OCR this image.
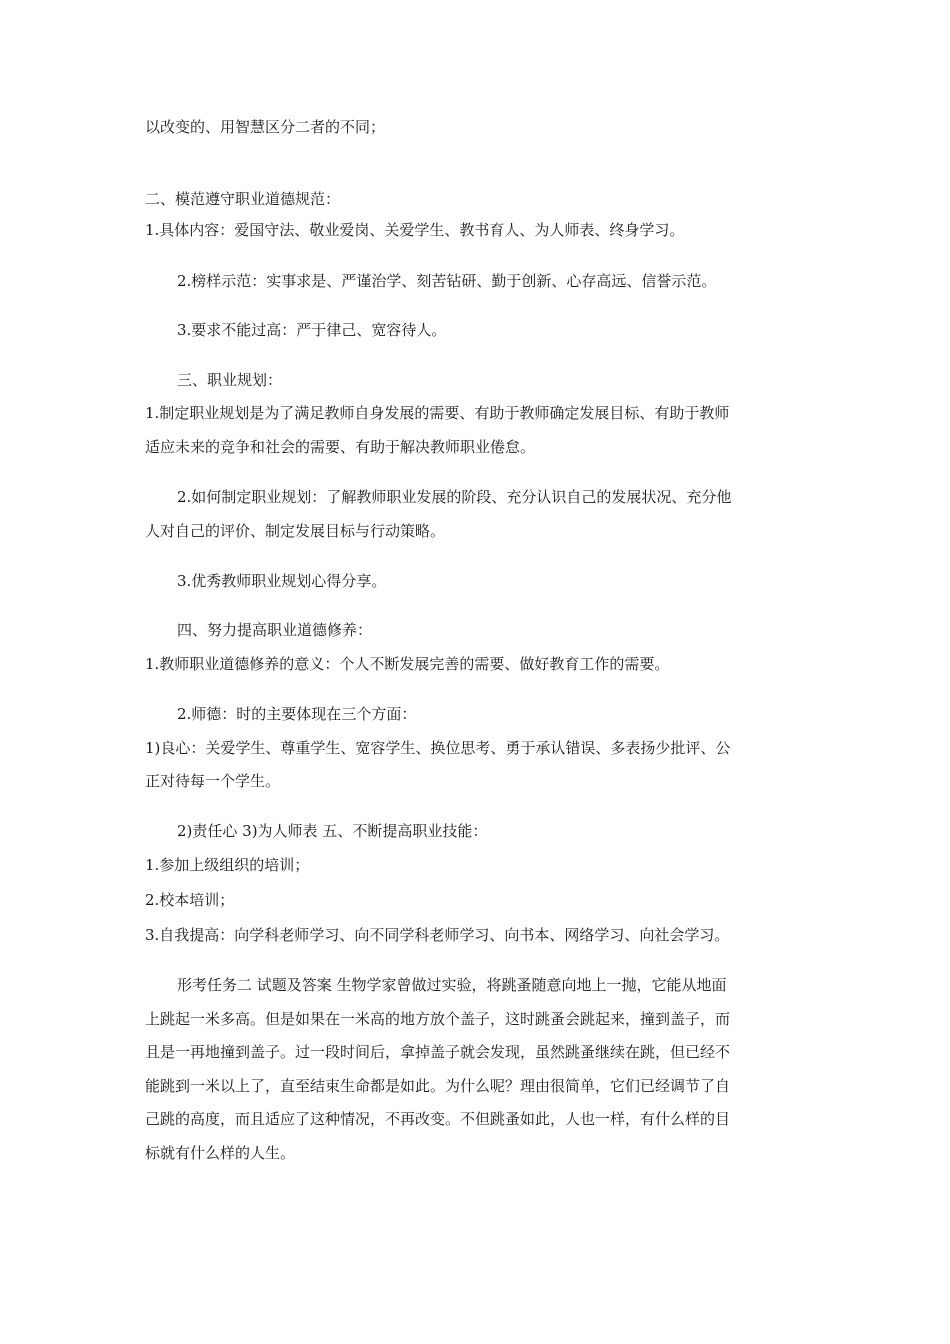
以改变的、用智慧区分二者的不同；

二、模范遵守职业道德规范：

1.具体内容：爱国守法、敬业爱岗、关爱学生、教书育人、为人师表、终身学习。

2.榜样示范：实事求是、严谨治学、刻苦钻研、勤于创新、心存高远、信誉示范。

3.要求不能过高：严于律己、宽容待人。

三、职业规划：

1.制定职业规划是为了满足教师自身发展的需要、有助于教师确定发展目标、有助于教师

适应未来的竞争和社会的需要、有助于解决教师职业倦怠。

2.如何制定职业规划：了解教师职业发展的阶段、充分认识自己的发展状况、充分他

人对自己的评价、制定发展目标与行动策略。

3.优秀教师职业规划心得分享。

四、努力提高职业道德修养：

1.教师职业道德修养的意义：个人不断发展完善的需要、做好教育工作的需要。

2.师德：时的主要体现在三个方面：

1)良心：关爱学生、尊重学生、宽容学生、换位思考、勇于承认错误、多表扬少批评、公

正对待每一个学生。

2)责任心 3)为人师表 五、不断提高职业技能：

1.参加上级组织的培训；

2.校本培训；

3.自我提高：向学科老师学习、向不同学科老师学习、向书本、网络学习、向社会学习。

形考任务二 试题及答案 生物学家曾做过实验，将跳蚤随意向地上一抛，它能从地面

上跳起一米多高。但是如果在一米高的地方放个盖子，这时跳蚤会跳起来，撞到盖子，而

且是一再地撞到盖子。过一段时间后，拿掉盖子就会发现，虽然跳蚤继续在跳，但已经不

能跳到一米以上了，直至结束生命都是如此。为什么呢？理由很简单，它们已经调节了自

己跳的高度，而且适应了这种情况，不再改变。不但跳蚤如此，人也一样，有什么样的目

标就有什么样的人生。
